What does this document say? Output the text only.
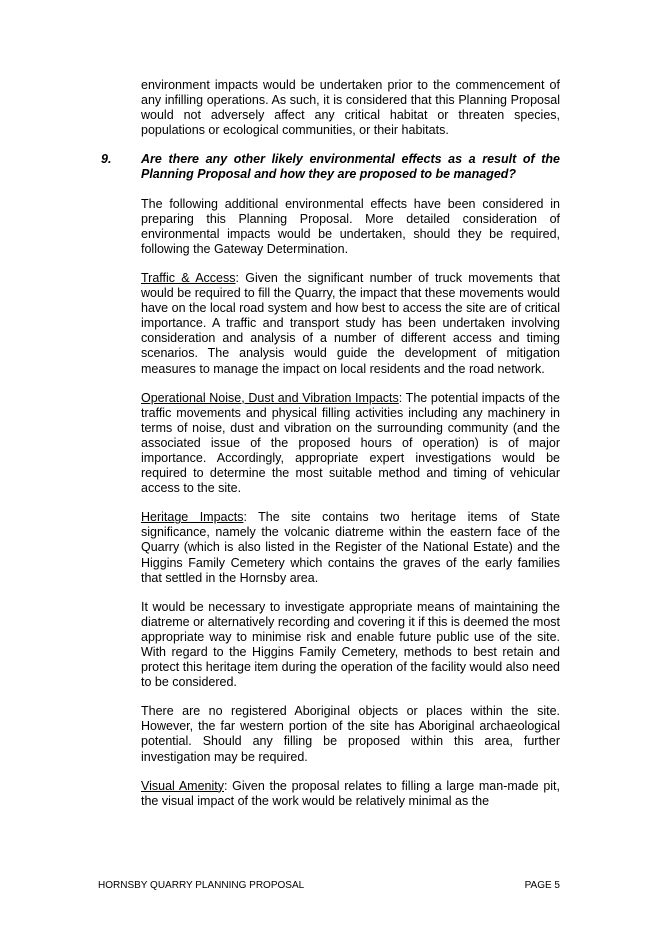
environment impacts would be undertaken prior to the commencement of any infilling operations. As such, it is considered that this Planning Proposal would not adversely affect any critical habitat or threaten species, populations or ecological communities, or their habitats.

9. Are there any other likely environmental effects as a result of the Planning Proposal and how they are proposed to be managed?

The following additional environmental effects have been considered in preparing this Planning Proposal. More detailed consideration of environmental impacts would be undertaken, should they be required, following the Gateway Determination.

Traffic & Access: Given the significant number of truck movements that would be required to fill the Quarry, the impact that these movements would have on the local road system and how best to access the site are of critical importance. A traffic and transport study has been undertaken involving consideration and analysis of a number of different access and timing scenarios. The analysis would guide the development of mitigation measures to manage the impact on local residents and the road network.

Operational Noise, Dust and Vibration Impacts: The potential impacts of the traffic movements and physical filling activities including any machinery in terms of noise, dust and vibration on the surrounding community (and the associated issue of the proposed hours of operation) is of major importance. Accordingly, appropriate expert investigations would be required to determine the most suitable method and timing of vehicular access to the site.

Heritage Impacts: The site contains two heritage items of State significance, namely the volcanic diatreme within the eastern face of the Quarry (which is also listed in the Register of the National Estate) and the Higgins Family Cemetery which contains the graves of the early families that settled in the Hornsby area.

It would be necessary to investigate appropriate means of maintaining the diatreme or alternatively recording and covering it if this is deemed the most appropriate way to minimise risk and enable future public use of the site. With regard to the Higgins Family Cemetery, methods to best retain and protect this heritage item during the operation of the facility would also need to be considered.

There are no registered Aboriginal objects or places within the site. However, the far western portion of the site has Aboriginal archaeological potential. Should any filling be proposed within this area, further investigation may be required.

Visual Amenity: Given the proposal relates to filling a large man-made pit, the visual impact of the work would be relatively minimal as the

HORNSBY QUARRY PLANNING PROPOSAL	PAGE 5
